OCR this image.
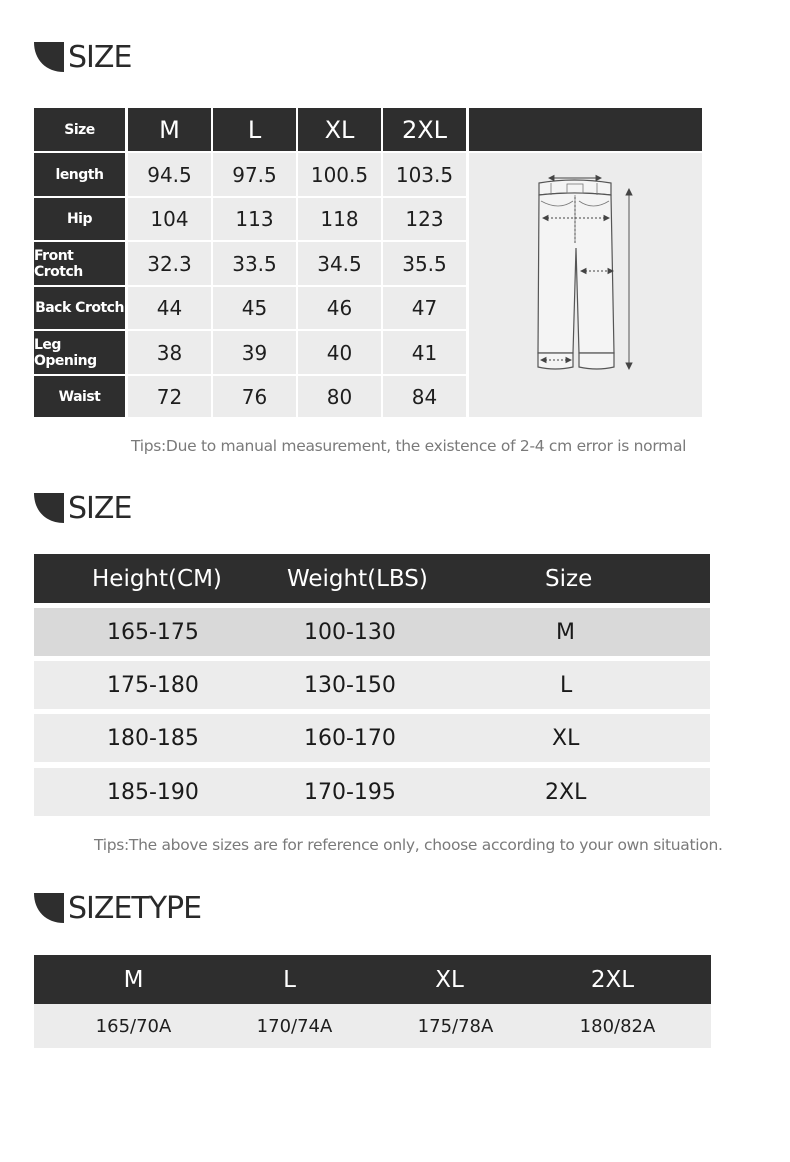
SIZE
Size	M	L	XL	2XL
length	94.5	97.5	100.5	103.5
Hip	104	113	118	123
Front Crotch	32.3	33.5	34.5	35.5
Back Crotch	44	45	46	47
Leg Opening	38	39	40	41
Waist	72	76	80	84
Tips:Due to manual measurement, the existence of 2-4 cm error is normal
SIZE
Height(CM)	Weight(LBS)	Size
165-175	100-130	M
175-180	130-150	L
180-185	160-170	XL
185-190	170-195	2XL
Tips:The above sizes are for reference only, choose according to your own situation.
SIZETYPE
M	L	XL	2XL
165/70A	170/74A	175/78A	180/82A
